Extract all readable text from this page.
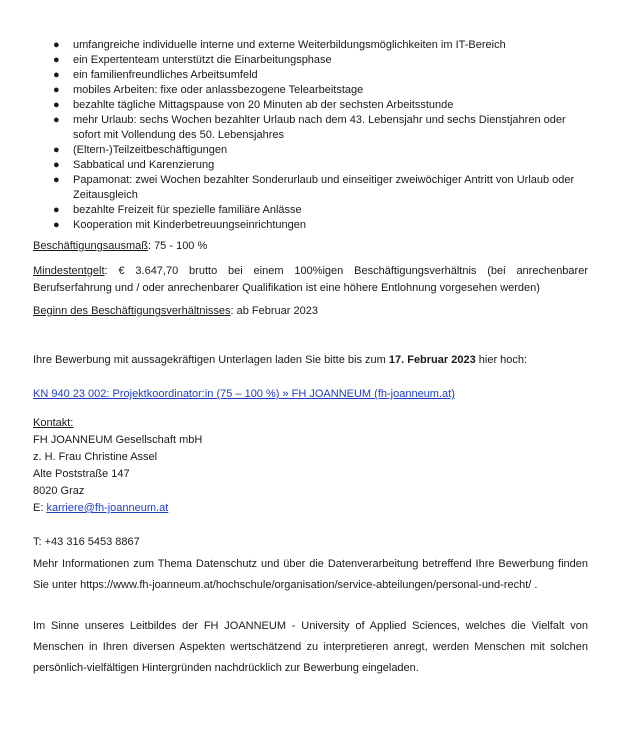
● umfangreiche individuelle interne und externe Weiterbildungsmöglichkeiten im IT-Bereich
● ein Expertenteam unterstützt die Einarbeitungsphase
● ein familienfreundliches Arbeitsumfeld
● mobiles Arbeiten: fixe oder anlassbezogene Telearbeitstage
● bezahlte tägliche Mittagspause von 20 Minuten ab der sechsten Arbeitsstunde
● mehr Urlaub: sechs Wochen bezahlter Urlaub nach dem 43. Lebensjahr und sechs Dienstjahren oder sofort mit Vollendung des 50. Lebensjahres
● (Eltern-)Teilzeitbeschäftigungen
● Sabbatical und Karenzierung
● Papamonat: zwei Wochen bezahlter Sonderurlaub und einseitiger zweiwöchiger Antritt von Urlaub oder Zeitausgleich
● bezahlte Freizeit für spezielle familiäre Anlässe
● Kooperation mit Kinderbetreuungseinrichtungen

Beschäftigungsausmaß: 75 - 100 %

Mindestentgelt: € 3.647,70 brutto bei einem 100%igen Beschäftigungsverhältnis (bei anrechenbarer Berufserfahrung und / oder anrechenbarer Qualifikation ist eine höhere Entlohnung vorgesehen werden)

Beginn des Beschäftigungsverhältnisses: ab Februar 2023

Ihre Bewerbung mit aussagekräftigen Unterlagen laden Sie bitte bis zum 17. Februar 2023 hier hoch:

KN 940 23 002: Projektkoordinator:in (75 – 100 %) » FH JOANNEUM (fh-joanneum.at)

Kontakt:
FH JOANNEUM Gesellschaft mbH
z. H. Frau Christine Assel
Alte Poststraße 147
8020 Graz
E: karriere@fh-joanneum.at

T: +43 316 5453 8867

Mehr Informationen zum Thema Datenschutz und über die Datenverarbeitung betreffend Ihre Bewerbung finden Sie unter https://www.fh-joanneum.at/hochschule/organisation/service-abteilungen/personal-und-recht/ .

Im Sinne unseres Leitbildes der FH JOANNEUM - University of Applied Sciences, welches die Vielfalt von Menschen in Ihren diversen Aspekten wertschätzend zu interpretieren anregt, werden Menschen mit solchen persönlich-vielfältigen Hintergründen nachdrücklich zur Bewerbung eingeladen.
